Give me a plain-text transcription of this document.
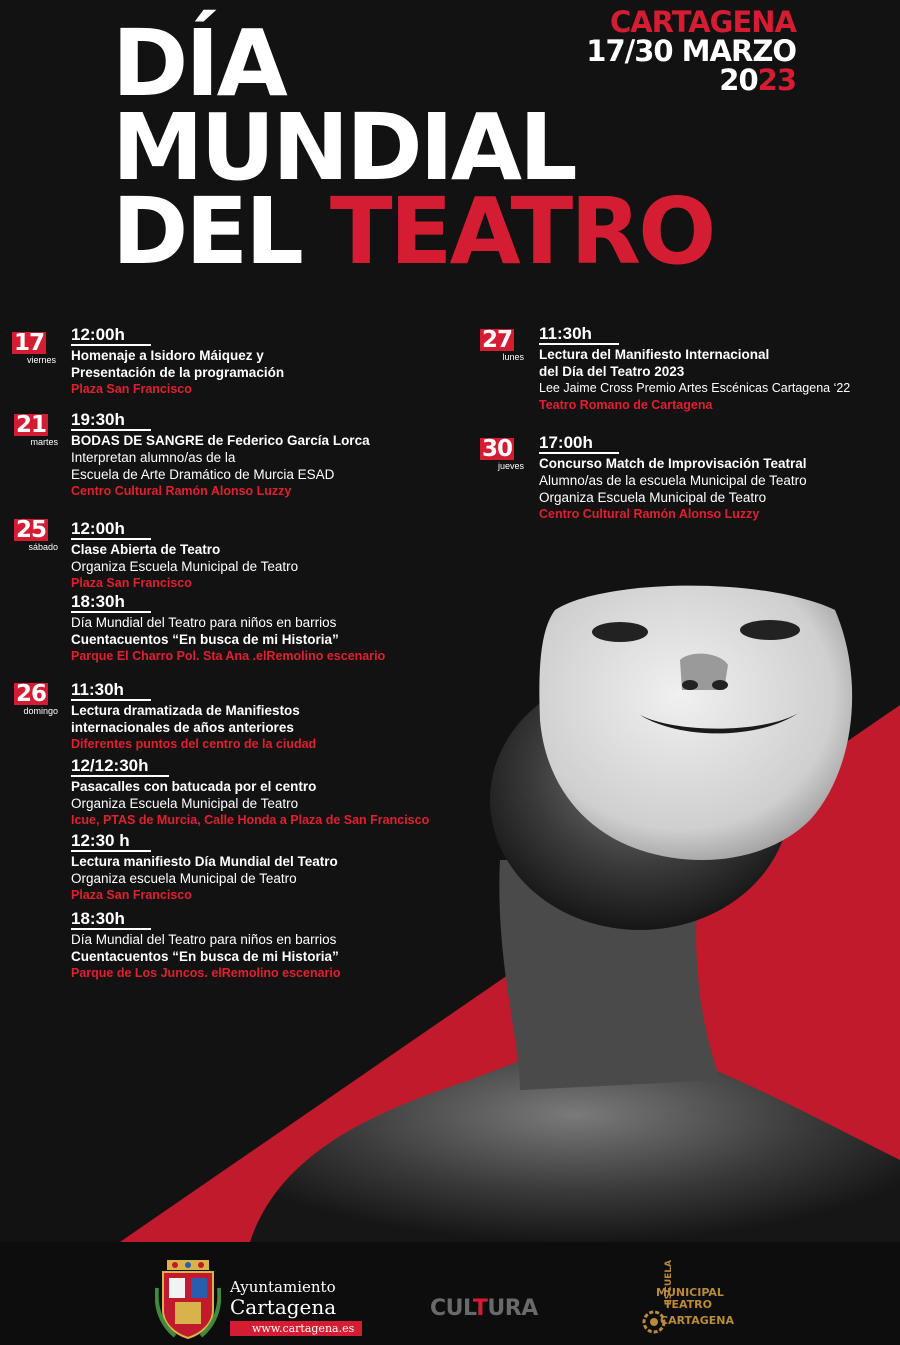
DÍA
MUNDIAL
DEL TEATRO
CARTAGENA
17/30 MARZO
2023
17
viernes
21
martes
25
sábado
26
domingo
27
lunes
30
jueves
12:00h
Homenaje a Isidoro Máiquez y
Presentación de la programación
Plaza San Francisco
19:30h
BODAS DE SANGRE de Federico García Lorca
Interpretan alumno/as de la
Escuela de Arte Dramático de Murcia ESAD
Centro Cultural Ramón Alonso Luzzy
12:00h
Clase Abierta de Teatro
Organiza Escuela Municipal de Teatro
Plaza San Francisco
18:30h
Día Mundial del Teatro para niños en barrios
Cuentacuentos “En busca de mi Historia”
Parque El Charro Pol. Sta Ana .elRemolino escenario
11:30h
Lectura dramatizada de Manifiestos
internacionales de años anteriores
Diferentes puntos del centro de la ciudad
12/12:30h
Pasacalles con batucada por el centro
Organiza Escuela Municipal de Teatro
Icue, PTAS de Murcia, Calle Honda a Plaza de San Francisco
12:30 h
Lectura manifiesto Día Mundial del Teatro
Organiza escuela Municipal de Teatro
Plaza San Francisco
18:30h
Día Mundial del Teatro para niños en barrios
Cuentacuentos “En busca de mi Historia”
Parque de Los Juncos. elRemolino escenario
11:30h
Lectura del Manifiesto Internacional
del Día del Teatro 2023
Lee Jaime Cross Premio Artes Escénicas Cartagena ‘22
Teatro Romano de Cartagena
17:00h
Concurso Match de Improvisación Teatral
Alumno/as de la escuela Municipal de Teatro
Organiza Escuela Municipal de Teatro
Centro Cultural Ramón Alonso Luzzy
Ayuntamiento
Cartagena
www.cartagena.es
CULTURA
ESCUELA
MUNICIPAL
TEATRO
CARTAGENA
